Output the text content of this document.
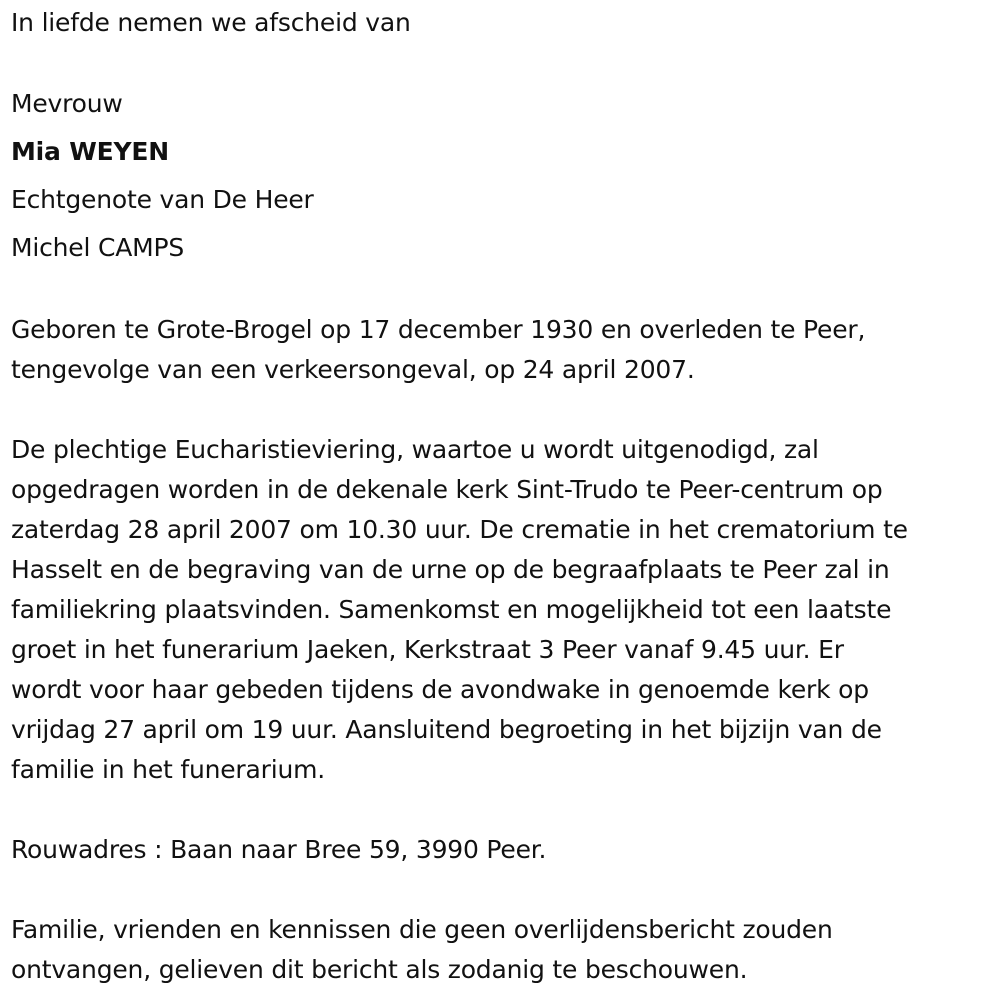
In liefde nemen we afscheid van
Mevrouw
Mia WEYEN
Echtgenote van De Heer
Michel CAMPS
Geboren te Grote-Brogel op 17 december 1930 en overleden te Peer,
tengevolge van een verkeersongeval, op 24 april 2007.
De plechtige Eucharistieviering, waartoe u wordt uitgenodigd, zal
opgedragen worden in de dekenale kerk Sint-Trudo te Peer-centrum op
zaterdag 28 april 2007 om 10.30 uur. De crematie in het crematorium te
Hasselt en de begraving van de urne op de begraafplaats te Peer zal in
familiekring plaatsvinden. Samenkomst en mogelijkheid tot een laatste
groet in het funerarium Jaeken, Kerkstraat 3 Peer vanaf 9.45 uur. Er
wordt voor haar gebeden tijdens de avondwake in genoemde kerk op
vrijdag 27 april om 19 uur. Aansluitend begroeting in het bijzijn van de
familie in het funerarium.
Rouwadres : Baan naar Bree 59, 3990 Peer.
Familie, vrienden en kennissen die geen overlijdensbericht zouden
ontvangen, gelieven dit bericht als zodanig te beschouwen.
